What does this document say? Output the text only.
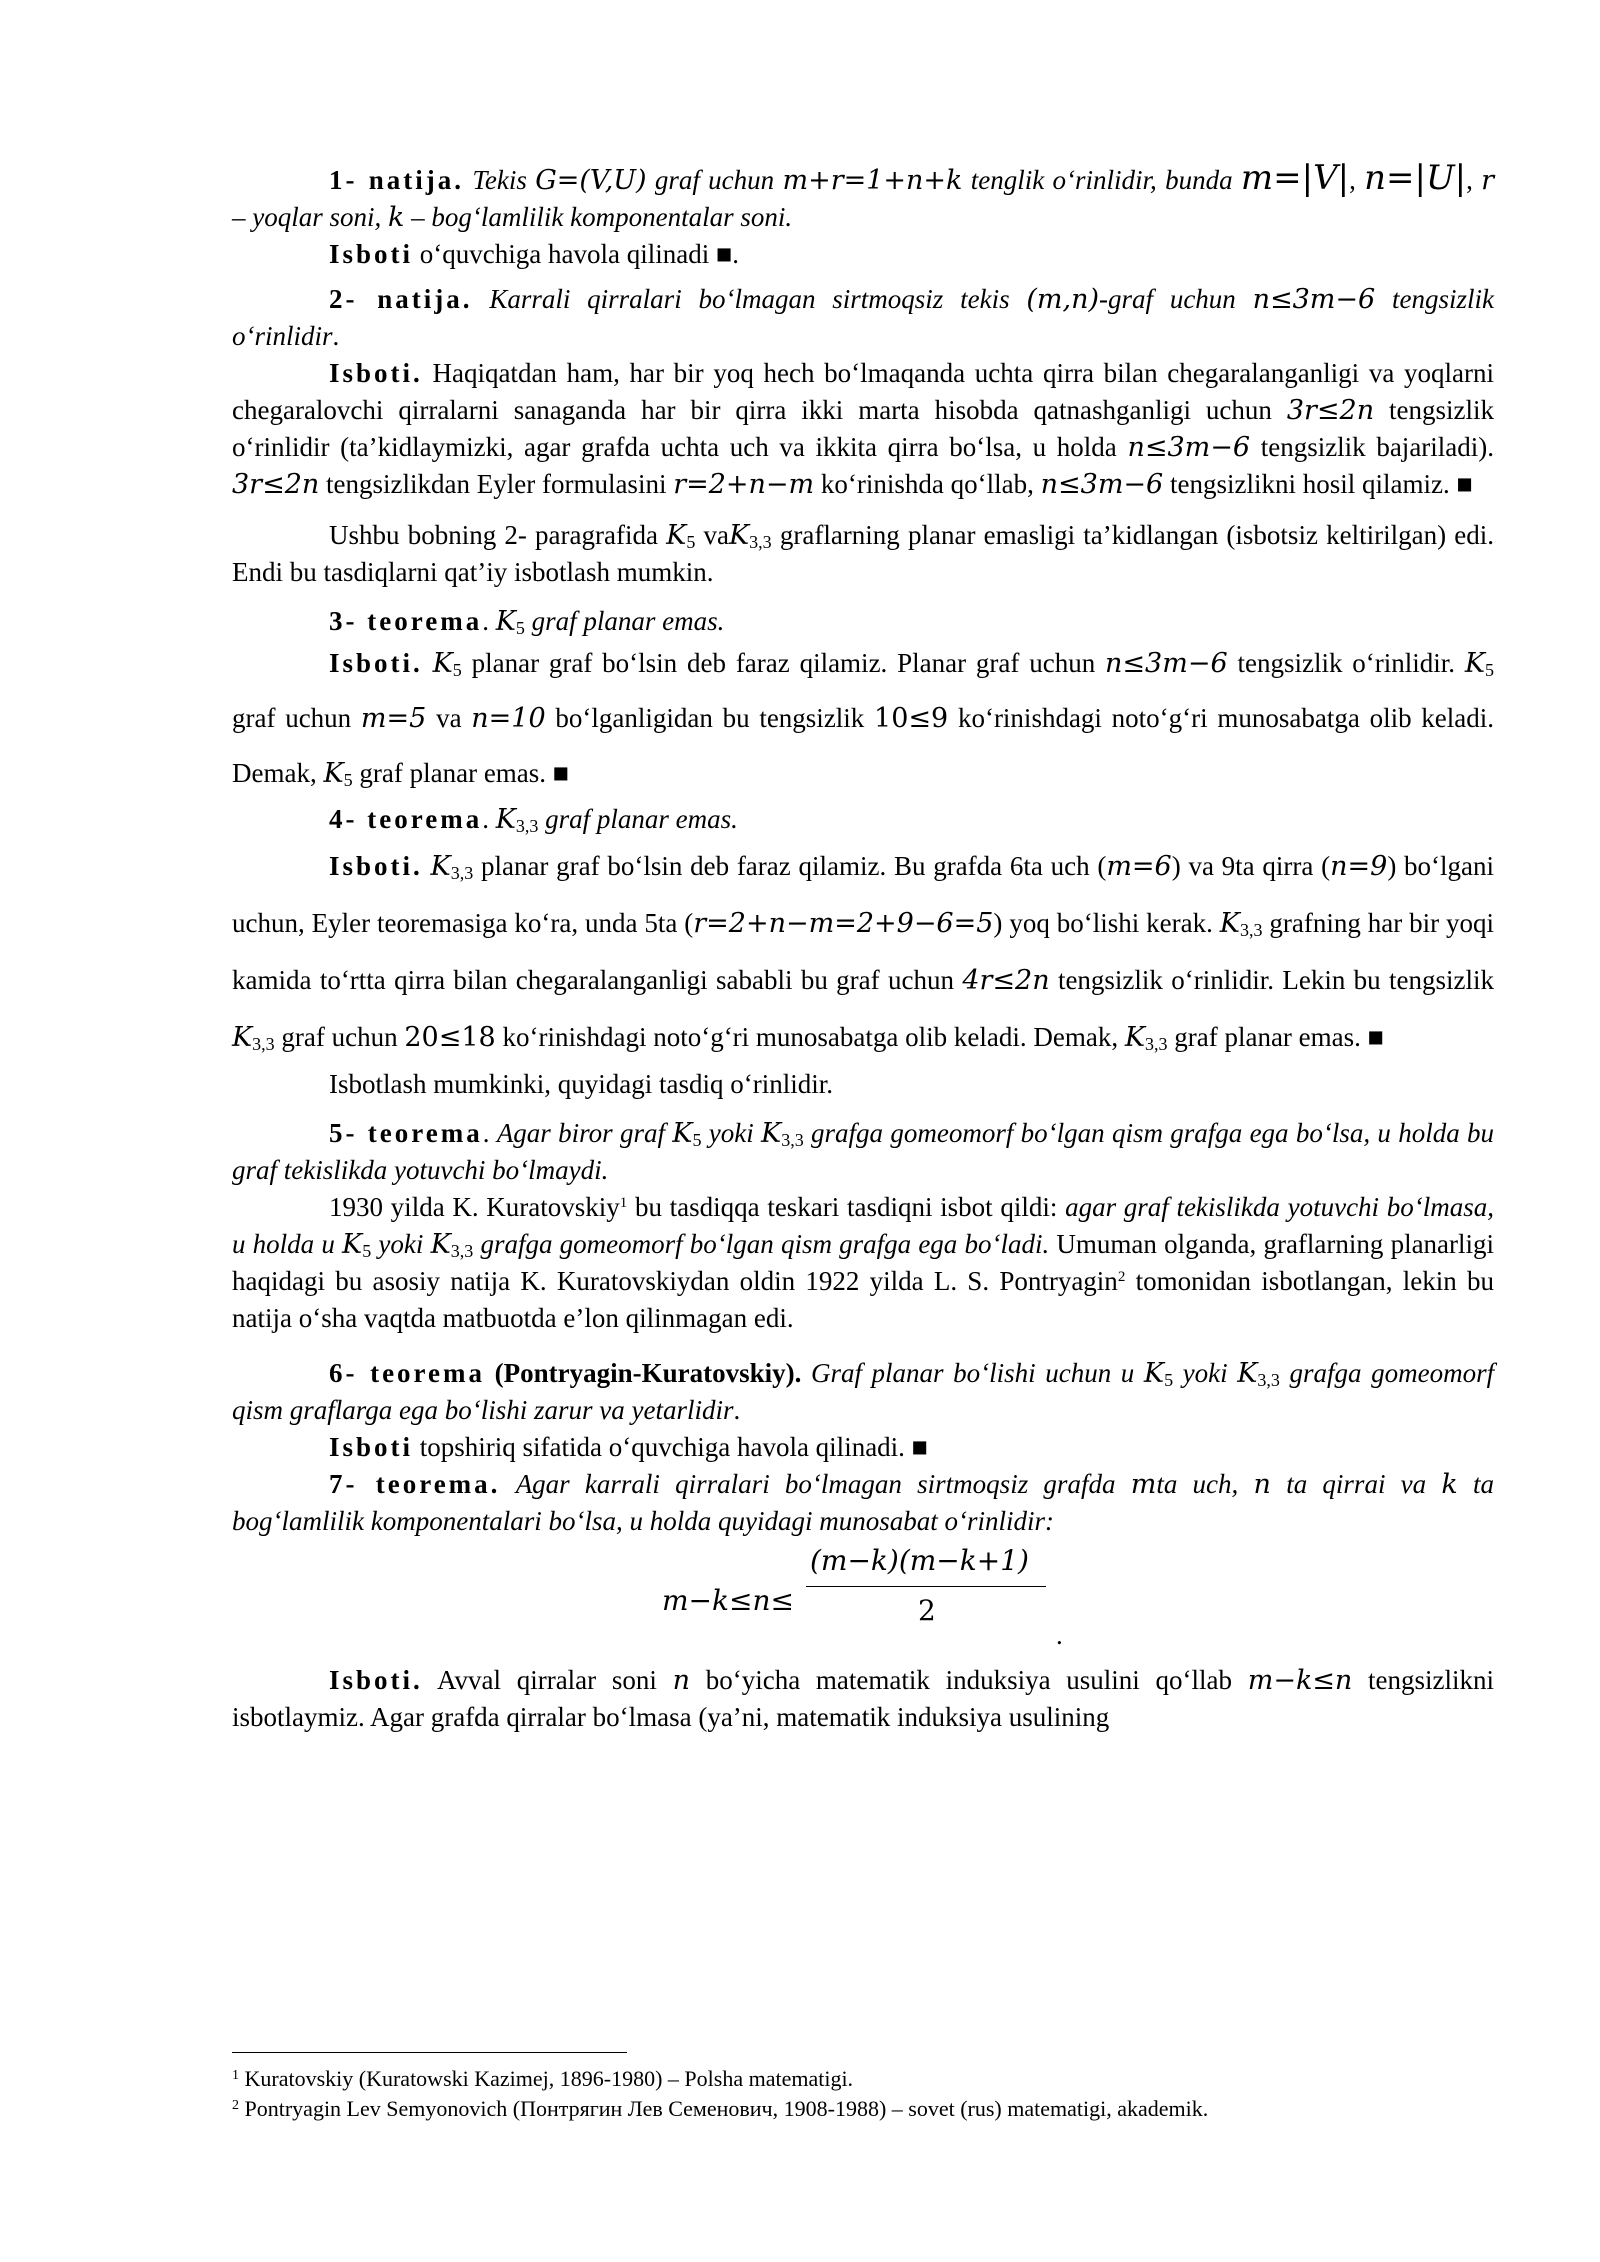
1- natija. Tekis G=(V,U) graf uchun m+r=1+n+k tenglik o‘rinlidir, bunda m=|V|, n=|U|, r – yoqlar soni, k – bog‘lamlilik komponentalar soni.

Isboti o‘quvchiga havola qilinadi ■.

2- natija. Karrali qirralari bo‘lmagan sirtmoqsiz tekis (m,n)-graf uchun n≤3m−6 tengsizlik o‘rinlidir.

Isboti. Haqiqatdan ham, har bir yoq hech bo‘lmaqanda uchta qirra bilan chegaralanganligi va yoqlarni chegaralovchi qirralarni sanaganda har bir qirra ikki marta hisobda qatnashganligi uchun 3r≤2n tengsizlik o‘rinlidir (ta’kidlaymizki, agar grafda uchta uch va ikkita qirra bo‘lsa, u holda n≤3m−6 tengsizlik bajariladi). 3r≤2n tengsizlikdan Eyler formulasini r=2+n−m ko‘rinishda qo‘llab, n≤3m−6 tengsizlikni hosil qilamiz. ■

Ushbu bobning 2- paragrafida $K_5$ vaK$_{3,3}$ graflarning planar emasligi ta’kidlangan (isbotsiz keltirilgan) edi. Endi bu tasdiqlarni qat’iy isbotlash mumkin.

3- teorema. $K_5$ graf planar emas.

Isboti. $K_5$ planar graf bo‘lsin deb faraz qilamiz. Planar graf uchun n≤3m−6 tengsizlik o‘rinlidir. $K_5$ graf uchun m=5 va n=10 bo‘lganligidan bu tengsizlik 10≤9 ko‘rinishdagi noto‘g‘ri munosabatga olib keladi. Demak, $K_5$ graf planar emas. ■

4- teorema. $K_{3,3}$ graf planar emas.

Isboti. $K_{3,3}$ planar graf bo‘lsin deb faraz qilamiz. Bu grafda 6ta uch (m=6) va 9ta qirra (n=9) bo‘lgani uchun, Eyler teoremasiga ko‘ra, unda 5ta (r=2+n−m=2+9−6=5) yoq bo‘lishi kerak. $K_{3,3}$ grafning har bir yoqi kamida to‘rtta qirra bilan chegaralanganligi sababli bu graf uchun 4r≤2n tengsizlik o‘rinlidir. Lekin bu tengsizlik $K_{3,3}$ graf uchun 20≤18 ko‘rinishdagi noto‘g‘ri munosabatga olib keladi. Demak, $K_{3,3}$ graf planar emas. ■

Isbotlash mumkinki, quyidagi tasdiq o‘rinlidir.

5- teorema. Agar biror graf $K_5$ yoki $K_{3,3}$ grafga gomeomorf bo‘lgan qism grafga ega bo‘lsa, u holda bu graf tekislikda yotuvchi bo‘lmaydi.

1930 yilda K. Kuratovskiy$^1$ bu tasdiqqa teskari tasdiqni isbot qildi: agar graf tekislikda yotuvchi bo‘lmasa, u holda u $K_5$ yoki $K_{3,3}$ grafga gomeomorf bo‘lgan qism grafga ega bo‘ladi. Umuman olganda, graflarning planarligi haqidagi bu asosiy natija K. Kuratovskiydan oldin 1922 yilda L. S. Pontryagin$^2$ tomonidan isbotlangan, lekin bu natija o‘sha vaqtda matbuotda e’lon qilinmagan edi.

6- teorema (Pontryagin-Kuratovskiy). Graf planar bo‘lishi uchun u $K_5$ yoki $K_{3,3}$ grafga gomeomorf qism graflarga ega bo‘lishi zarur va yetarlidir.

Isboti topshiriq sifatida o‘quvchiga havola qilinadi. ■

7- teorema. Agar karrali qirralari bo‘lmagan sirtmoqsiz grafda mta uch, n ta qirrai va k ta bog‘lamlilik komponentalari bo‘lsa, u holda quyidagi munosabat o‘rinlidir:

m−k≤n≤
(m−k)(m−k+1)
2
.

Isboti. Avval qirralar soni n bo‘yicha matematik induksiya usulini qo‘llab m−k≤n tengsizlikni isbotlaymiz. Agar grafda qirralar bo‘lmasa (ya’ni, matematik induksiya usulining

$^1$ Kuratovskiy (Kuratowski Kazimej, 1896-1980) – Polsha matematigi.

$^2$ Pontryagin Lev Semyonovich (Понтрягин Лев Семенович, 1908-1988) – sovet (rus) matematigi, akademik.
